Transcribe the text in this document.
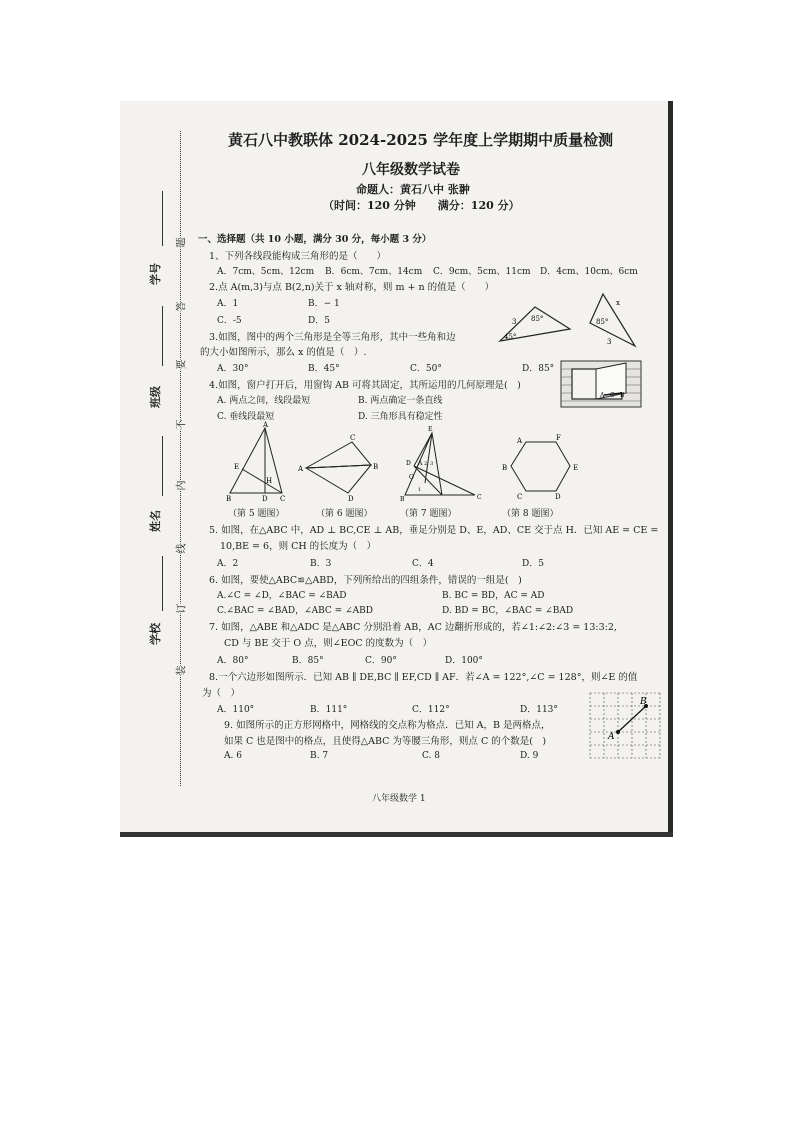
学号
班级
姓名
学校
题
答
要
不
内
线
订
装
黄石八中教联体 2024-2025 学年度上学期期中质量检测
八年级数学试卷
命题人：黄石八中 张翀
（时间：120 分钟　　满分：120 分）
一、选择题（共 10 小题，满分 30 分，每小题 3 分）
1、下列各线段能构成三角形的是（　　）
A．7cm、5cm、12cm B．6cm、7cm、14cm C．9cm、5cm、11cm D．4cm、10cm、6cm
2.点 A(m,3)与点 B(2,n)关于 x 轴对称，则 m + n 的值是（　　）
A．1	B．− 1
C．-5	D．5
3.如图，图中的两个三角形是全等三角形，其中一些角和边
的大小如图所示，那么 x 的值是（　）.
A．30°	B．45°	C．50°	D．85°
3 85°
45°
x
85°
3
4.如图，窗户打开后，用窗钩 AB 可将其固定，其所运用的几何原理是(　)
A. 两点之间，线段最短	B. 两点确定一条直线
C. 垂线段最短	D. 三角形具有稳定性
A C B
A
E
H
B	D C
C
A	B
D
E
D A 2 3
O
1
B	C
A	F
B	E
C	D
（第 5 题图）	（第 6 题图）	（第 7 题图）	（第 8 题图）
5. 如图，在△ABC 中，AD ⊥ BC,CE ⊥ AB，垂足分别是 D、E，AD、CE 交于点 H．已知 AE = CE =
10,BE = 6，则 CH 的长度为（　）
A．2	B．3	C．4	D．5
6. 如图，要使△ABC≌△ABD，下列所给出的四组条件，错误的一组是(　)
A.∠C = ∠D，∠BAC = ∠BAD	B. BC = BD，AC = AD
C.∠BAC = ∠BAD，∠ABC = ∠ABD	D. BD = BC，∠BAC = ∠BAD
7. 如图，△ABE 和△ADC 是△ABC 分别沿着 AB，AC 边翻折形成的，若∠1:∠2:∠3 = 13:3:2,
CD 与 BE 交于 O 点，则∠EOC 的度数为（　）
A．80°	B．85°	C．90°	D．100°
8.一个六边形如图所示．已知 AB ∥ DE,BC ∥ EF,CD ∥ AF．若∠A = 122°,∠C = 128°，则∠E 的值
为（　）
A．110°	B．111°	C．112°	D．113°
9. 如图所示的正方形网格中，网格线的交点称为格点．已知 A，B 是两格点，
如果 C 也是图中的格点，且使得△ABC 为等腰三角形，则点 C 的个数是(　)
A. 6	B. 7	C. 8	D. 9
B
A
八年级数学 1
